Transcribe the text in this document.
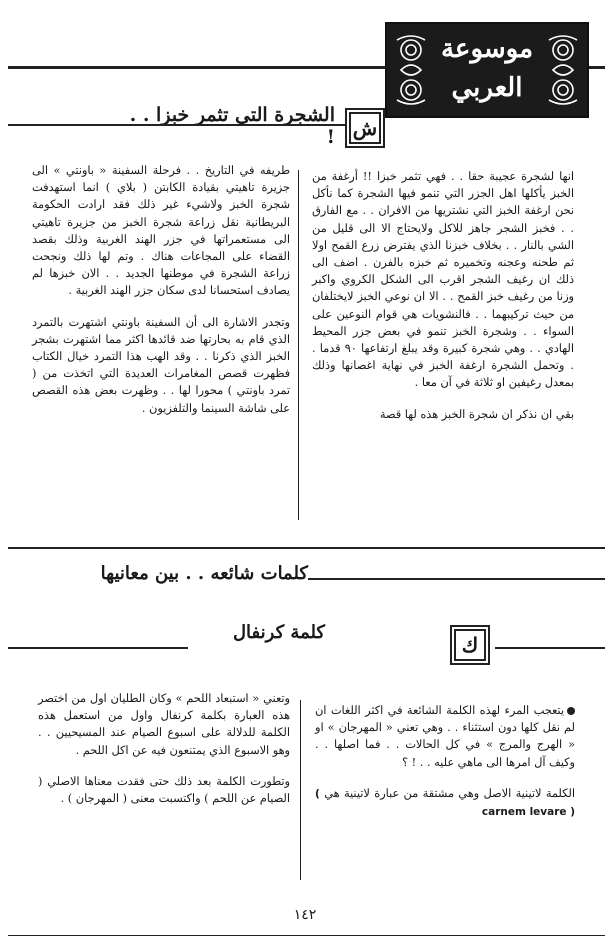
موسوعة
العربي
ش
الشجرة التي تثمر خبزا . . !

انها لشجرة عجيبة حقا . . فهي تثمر خبزا !! أرغفة من الخبز يأكلها اهل الجزر التي تنمو فيها الشجرة كما نأكل نحن ارغفة الخبز التي نشتريها من الافران . . مع الفارق . . فخبز الشجر جاهز للاكل ولايحتاج الا الى قليل من الشي بالنار . . بخلاف خبزنا الذي يفترض زرع القمح اولا ثم طحنه وعجنه وتخميره ثم خبزه بالفرن . اضف الى ذلك ان رغيف الشجر اقرب الى الشكل الكروي واكبر وزنا من رغيف خبز القمح . . الا ان نوعي الخبز لايختلفان من حيث تركيبهما . . فالنشويات هي قوام النوعين على السواء . . وشجرة الخبز تنمو في بعض جزر المحيط الهادي . . وهي شجرة كبيرة وقد يبلغ ارتفاعها ٩٠ قدما . . وتحمل الشجرة ارغفة الخبز في نهاية اغصانها وذلك بمعدل رغيفين او ثلاثة في آن معا .

بقي ان نذكر ان شجرة الخبز هذه لها قصة

طريفه في التاريخ . . فرحلة السفينة « باونتي » الى جزيرة تاهيتي بقيادة الكابتن ( بلاي ) انما استهدفت شجرة الخبز ولاشيء غير ذلك فقد ارادت الحكومة البريطانية نقل زراعة شجرة الخبز من جزيرة تاهيتي الى مستعمراتها في جزر الهند الغربية وذلك بقصد القضاء على المجاعات هناك . وتم لها ذلك ونجحت زراعة الشجرة في موطنها الجديد . . الان خبزها لم يصادف استحسانا لدى سكان جزر الهند الغربية .

وتجدر الاشارة الى أن السفينة باونتي اشتهرت بالتمرد الذي قام به بحارتها ضد قائدها اكثر مما اشتهرت بشجر الخبز الذي ذكرنا . . وقد الهب هذا التمرد خيال الكتاب فظهرت قصص المغامرات العديدة التي اتخذت من ( تمرد باونتي ) محورا لها . . وظهرت بعض هذه القصص على شاشة السينما والتلفزيون .

كلمات شائعه . . بين معانيها
ك
كلمة كرنفال

يتعجب المرء لهذه الكلمة الشائعة في اكثر اللغات ان لم نقل كلها دون استثناء . . وهي تعني « المهرجان » او « الهرج والمرج » في كل الحالات . . فما اصلها . . وكيف آل امرها الى ماهي عليه . . ! ؟

الكلمة لاتينية الاصل وهي مشتقة من عبارة لاتينية هي ( carnem levare )

وتعني « استبعاد اللحم » وكان الطليان اول من اختصر هذه العبارة بكلمة كرنفال واول من استعمل هذه الكلمة للدلالة على اسبوع الصيام عند المسيحيين . . وهو الاسبوع الذي يمتنعون فيه عن اكل اللحم .

وتطورت الكلمة بعد ذلك حتى فقدت معناها الاصلي ( الصيام عن اللحم ) واكتسبت معنى ( المهرجان ) .

١٤٢
